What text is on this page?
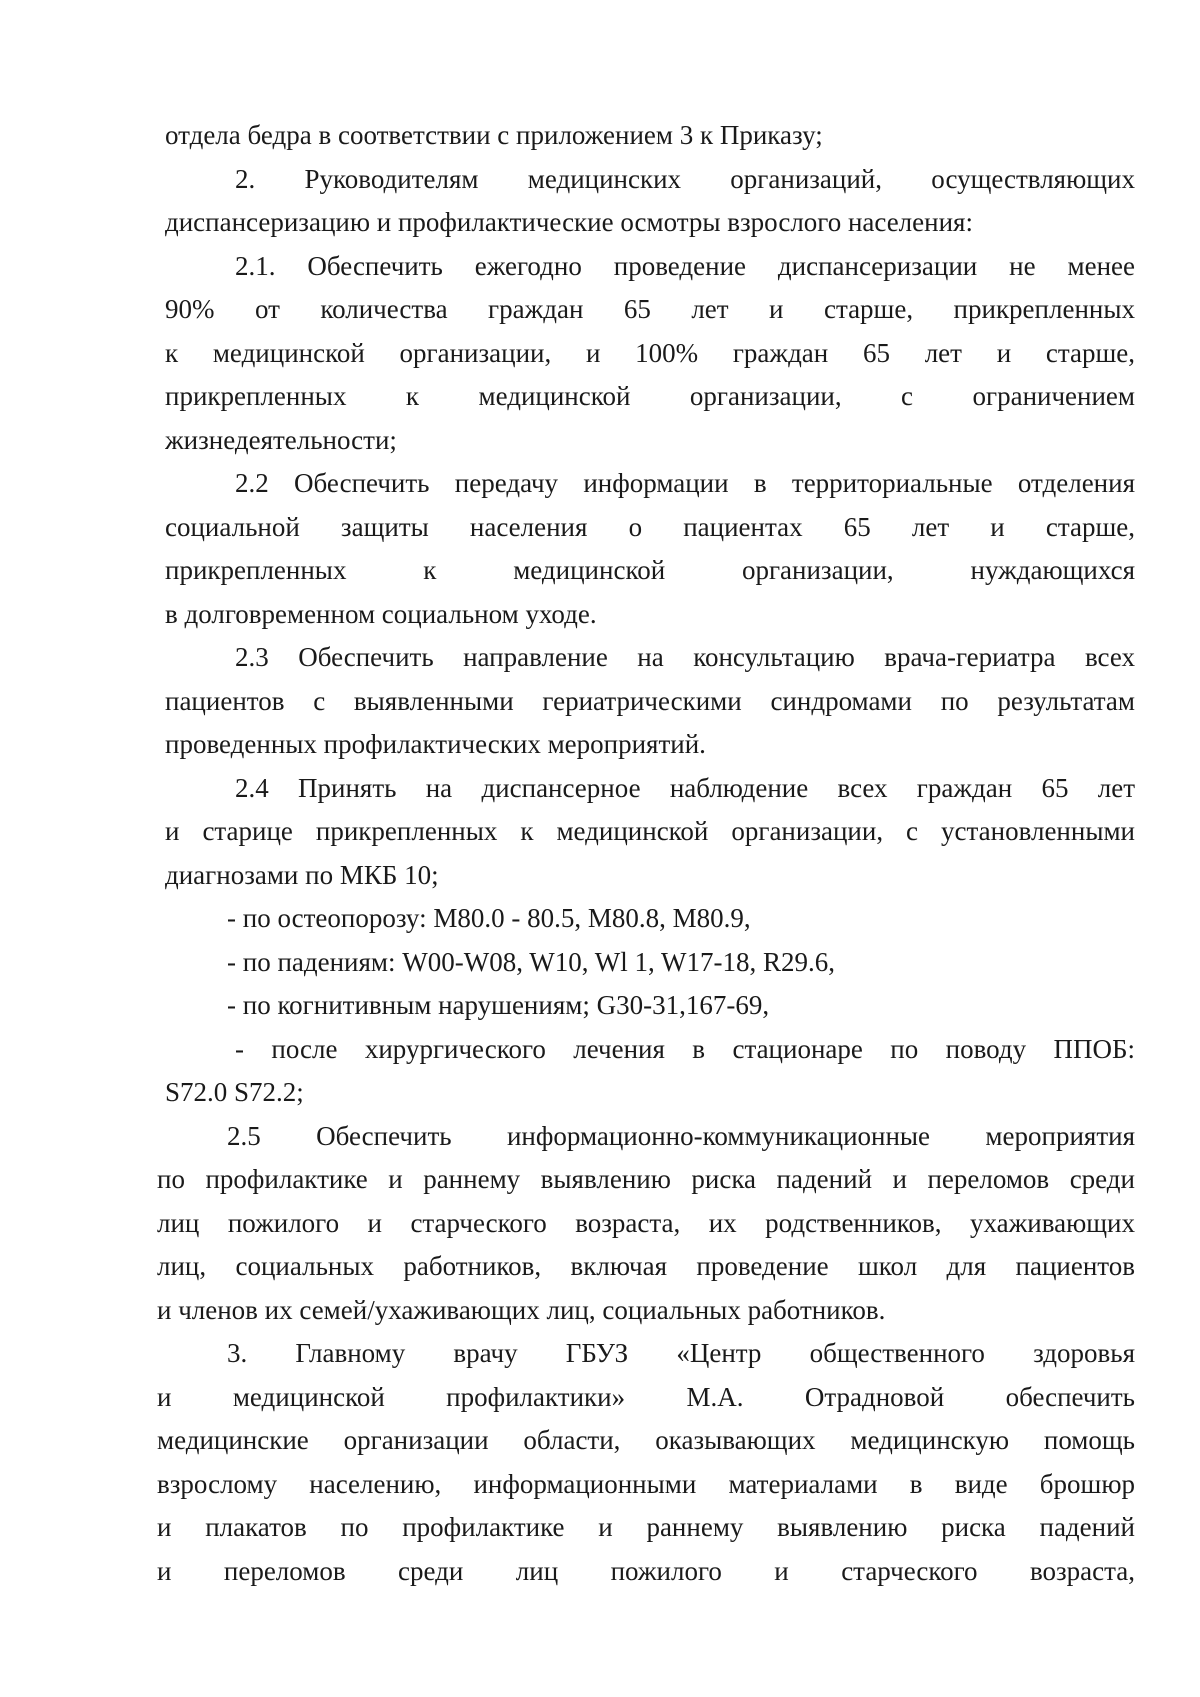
отдела бедра в соответствии с приложением 3 к Приказу;
2. Руководителям медицинских организаций, осуществляющих
диспансеризацию и профилактические осмотры взрослого населения:
2.1. Обеспечить ежегодно проведение диспансеризации не менее
90% от количества граждан 65 лет и старше, прикрепленных
к медицинской организации, и 100% граждан 65 лет и старше,
прикрепленных к медицинской организации, с ограничением
жизнедеятельности;
2.2 Обеспечить передачу информации в территориальные отделения
социальной защиты населения о пациентах 65 лет и старше,
прикрепленных к медицинской организации, нуждающихся
в долговременном социальном уходе.
2.3 Обеспечить направление на консультацию врача-гериатра всех
пациентов с выявленными гериатрическими синдромами по результатам
проведенных профилактических мероприятий.
2.4 Принять на диспансерное наблюдение всех граждан 65 лет
и старице прикрепленных к медицинской организации, с установленными
диагнозами по МКБ 10;
- по остеопорозу: M80.0 - 80.5, M80.8, M80.9,
- по падениям: W00-W08, W10, Wl 1, W17-18, R29.6,
- по когнитивным нарушениям; G30-31,167-69,
- после хирургического лечения в стационаре по поводу ППОБ:
S72.0 S72.2;
2.5 Обеспечить информационно-коммуникационные мероприятия
по профилактике и раннему выявлению риска падений и переломов среди
лиц пожилого и старческого возраста, их родственников, ухаживающих
лиц, социальных работников, включая проведение школ для пациентов
и членов их семей/ухаживающих лиц, социальных работников.
3. Главному врачу ГБУЗ «Центр общественного здоровья
и медицинской профилактики» М.А. Отрадновой обеспечить
медицинские организации области, оказывающих медицинскую помощь
взрослому населению, информационными материалами в виде брошюр
и плакатов по профилактике и раннему выявлению риска падений
и переломов среди лиц пожилого и старческого возраста,
